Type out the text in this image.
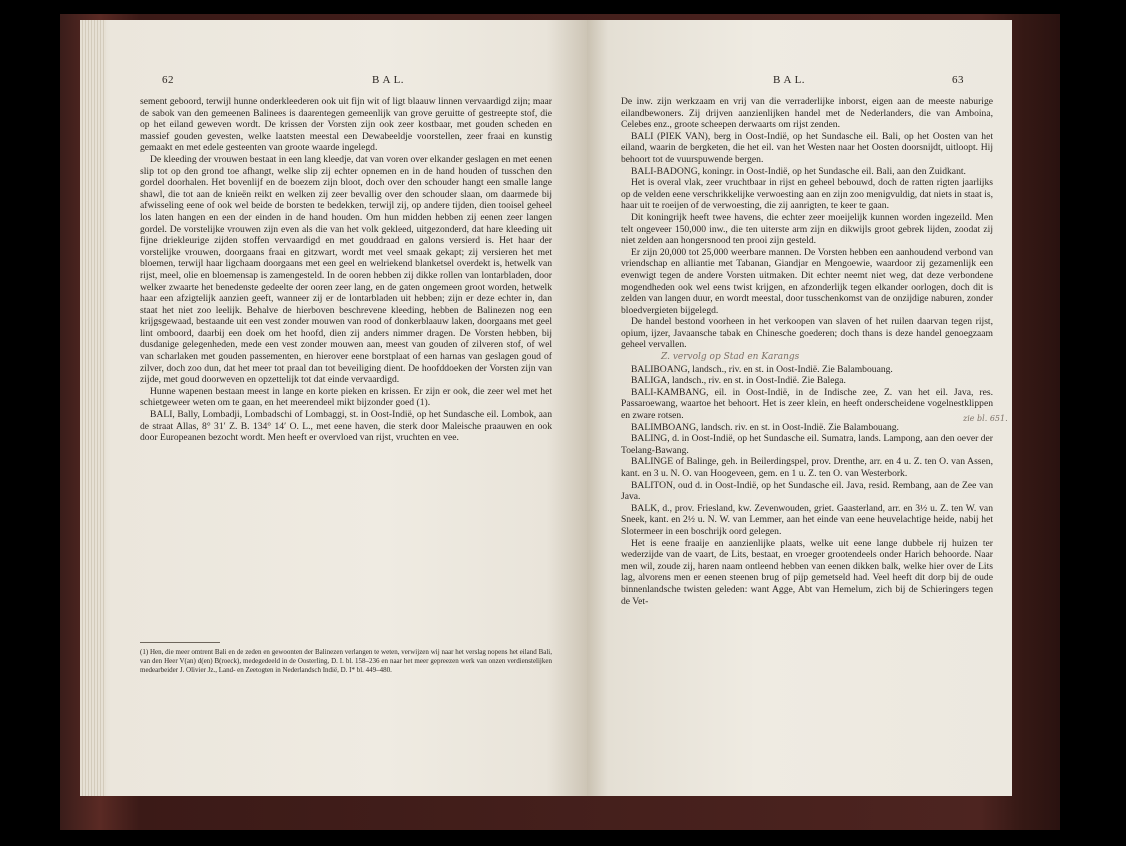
62	B A L.

sement geboord, terwijl hunne onderkleederen ook uit fijn wit of ligt blaauw linnen vervaardigd zijn; maar de sabok van den gemeenen Balinees is daarentegen gemeenlijk van grove geruitte of gestreepte stof, die op het eiland geweven wordt. De krissen der Vorsten zijn ook zeer kostbaar, met gouden scheden en massief gouden gevesten, welke laatsten meestal een Dewabeeldje voorstellen, zeer fraai en kunstig gemaakt en met edele gesteenten van groote waarde ingelegd.

De kleeding der vrouwen bestaat in een lang kleedje, dat van voren over elkander geslagen en met eenen slip tot op den grond toe afhangt, welke slip zij echter opnemen en in de hand houden of tusschen den gordel doorhalen. Het bovenlijf en de boezem zijn bloot, doch over den schouder hangt een smalle lange shawl, die tot aan de knieën reikt en welken zij zeer bevallig over den schouder slaan, om daarmede bij afwisseling eene of ook wel beide de borsten te bedekken, terwijl zij, op andere tijden, dien tooisel geheel los laten hangen en een der einden in de hand houden. Om hun midden hebben zij eenen zeer langen gordel. De vorstelijke vrouwen zijn even als die van het volk gekleed, uitgezonderd, dat hare kleeding uit fijne driekleurige zijden stoffen vervaardigd en met gouddraad en galons versierd is. Het haar der vorstelijke vrouwen, doorgaans fraai en gitzwart, wordt met veel smaak gekapt; zij versieren het met bloemen, terwijl haar ligchaam doorgaans met een geel en welriekend blanketsel overdekt is, hetwelk van rijst, meel, olie en bloemensap is zamengesteld. In de ooren hebben zij dikke rollen van lontarbladen, door welker zwaarte het benedenste gedeelte der ooren zeer lang, en de gaten ongemeen groot worden, hetwelk haar een afzigtelijk aanzien geeft, wanneer zij er de lontarbladen uit hebben; zijn er deze echter in, dan staat het niet zoo leelijk. Behalve de hierboven beschrevene kleeding, hebben de Balinezen nog een krijgsgewaad, bestaande uit een vest zonder mouwen van rood of donkerblaauw laken, doorgaans met geel lint omboord, daarbij een doek om het hoofd, dien zij anders nimmer dragen. De Vorsten hebben, bij dusdanige gelegenheden, mede een vest zonder mouwen aan, meest van gouden of zilveren stof, of wel van scharlaken met gouden passementen, en hierover eene borstplaat of een harnas van geslagen goud of zilver, doch zoo dun, dat het meer tot praal dan tot beveiliging dient. De hoofddoeken der Vorsten zijn van zijde, met goud doorweven en opzettelijk tot dat einde vervaardigd.

Hunne wapenen bestaan meest in lange en korte pieken en krissen. Er zijn er ook, die zeer wel met het schietgeweer weten om te gaan, en het meerendeel mikt bijzonder goed (1).

BALI, Bally, Lombadji, Lombadschi of Lombaggi, st. in Oost-Indië, op het Sundasche eil. Lombok, aan de straat Allas, 8° 31′ Z. B. 134° 14′ O. L., met eene haven, die sterk door Maleische praauwen en ook door Europeanen bezocht wordt. Men heeft er overvloed van rijst, vruchten en vee.

(1) Hen, die meer omtrent Bali en de zeden en gewoonten der Balinezen verlangen te weten, verwijzen wij naar het verslag nopens het eiland Bali, van den Heer V(an) d(en) B(roeck), medegedeeld in de Oosterling, D. I. bl. 158–236 en naar het meer gepreezen werk van onzen verdienstelijken medearbeider J. Olivier Jz., Land- en Zeetogten in Nederlandsch Indië, D. I* bl. 449–480.
B A L.	63

De inw. zijn werkzaam en vrij van die verraderlijke inborst, eigen aan de meeste naburige eilandbewoners. Zij drijven aanzienlijken handel met de Nederlanders, die van Amboina, Celebes enz., groote scheepen derwaarts om rijst zenden.

BALI (PIEK VAN), berg in Oost-Indië, op het Sundasche eil. Bali, op het Oosten van het eiland, waarin de bergketen, die het eil. van het Westen naar het Oosten doorsnijdt, uitloopt. Hij behoort tot de vuurspuwende bergen.

BALI-BADONG, koningr. in Oost-Indië, op het Sundasche eil. Bali, aan den Zuidkant.

Het is overal vlak, zeer vruchtbaar in rijst en geheel bebouwd, doch de ratten rigten jaarlijks op de velden eene verschrikkelijke verwoesting aan en zijn zoo menigvuldig, dat niets in staat is, haar uit te roeijen of de verwoesting, die zij aanrigten, te keer te gaan.

Dit koningrijk heeft twee havens, die echter zeer moeijelijk kunnen worden ingezeild. Men telt ongeveer 150,000 inw., die ten uiterste arm zijn en dikwijls groot gebrek lijden, zoodat zij niet zelden aan hongersnood ten prooi zijn gesteld.

Er zijn 20,000 tot 25,000 weerbare mannen. De Vorsten hebben een aanhoudend verbond van vriendschap en alliantie met Tabanan, Giandjar en Mengoewie, waardoor zij gezamenlijk een evenwigt tegen de andere Vorsten uitmaken. Dit echter neemt niet weg, dat deze verbondene mogendheden ook wel eens twist krijgen, en afzonderlijk tegen elkander oorlogen, doch dit is zelden van langen duur, en wordt meestal, door tusschenkomst van de onzijdige naburen, zonder bloedvergieten bijgelegd.

De handel bestond voorheen in het verkoopen van slaven of het ruilen daarvan tegen rijst, opium, ijzer, Javaansche tabak en Chinesche goederen; doch thans is deze handel genoegzaam geheel vervallen.

Z. vervolg op Stad en Karangs

BALIBOANG, landsch., riv. en st. in Oost-Indië. Zie Balambouang.

BALIGA, landsch., riv. en st. in Oost-Indië. Zie Balega.

BALI-KAMBANG, eil. in Oost-Indië, in de Indische zee, Z. van het eil. Java, res. Passaroewang, waartoe het behoort. Het is zeer klein, en heeft onderscheidene vogelnestklippen en zware rotsen.

BALIMBOANG, landsch. riv. en st. in Oost-Indië. Zie Balambouang.

BALING, d. in Oost-Indië, op het Sundasche eil. Sumatra, lands. Lampong, aan den oever der Toelang-Bawang.

BALINGE of Balinge, geh. in Beilerdingspel, prov. Drenthe, arr. en 4 u. Z. ten O. van Assen, kant. en 3 u. N. O. van Hoogeveen, gem. en 1 u. Z. ten O. van Westerbork.

BALITON, oud d. in Oost-Indië, op het Sundasche eil. Java, resid. Rembang, aan de Zee van Java.

BALK, d., prov. Friesland, kw. Zevenwouden, griet. Gaasterland, arr. en 3½ u. Z. ten W. van Sneek, kant. en 2½ u. N. W. van Lemmer, aan het einde van eene heuvelachtige heide, nabij het Slotermeer in een boschrijk oord gelegen.

Het is eene fraaije en aanzienlijke plaats, welke uit eene lange dubbele rij huizen ter wederzijde van de vaart, de Lits, bestaat, en vroeger grootendeels onder Harich behoorde. Naar men wil, zoude zij, haren naam ontleend hebben van eenen dikken balk, welke hier over de Lits lag, alvorens men er eenen steenen brug of pijp gemetseld had. Veel heeft dit dorp bij de oude binnenlandsche twisten geleden: want Agge, Abt van Hemelum, zich bij de Schieringers tegen de Vet-

zie bl. 651.
